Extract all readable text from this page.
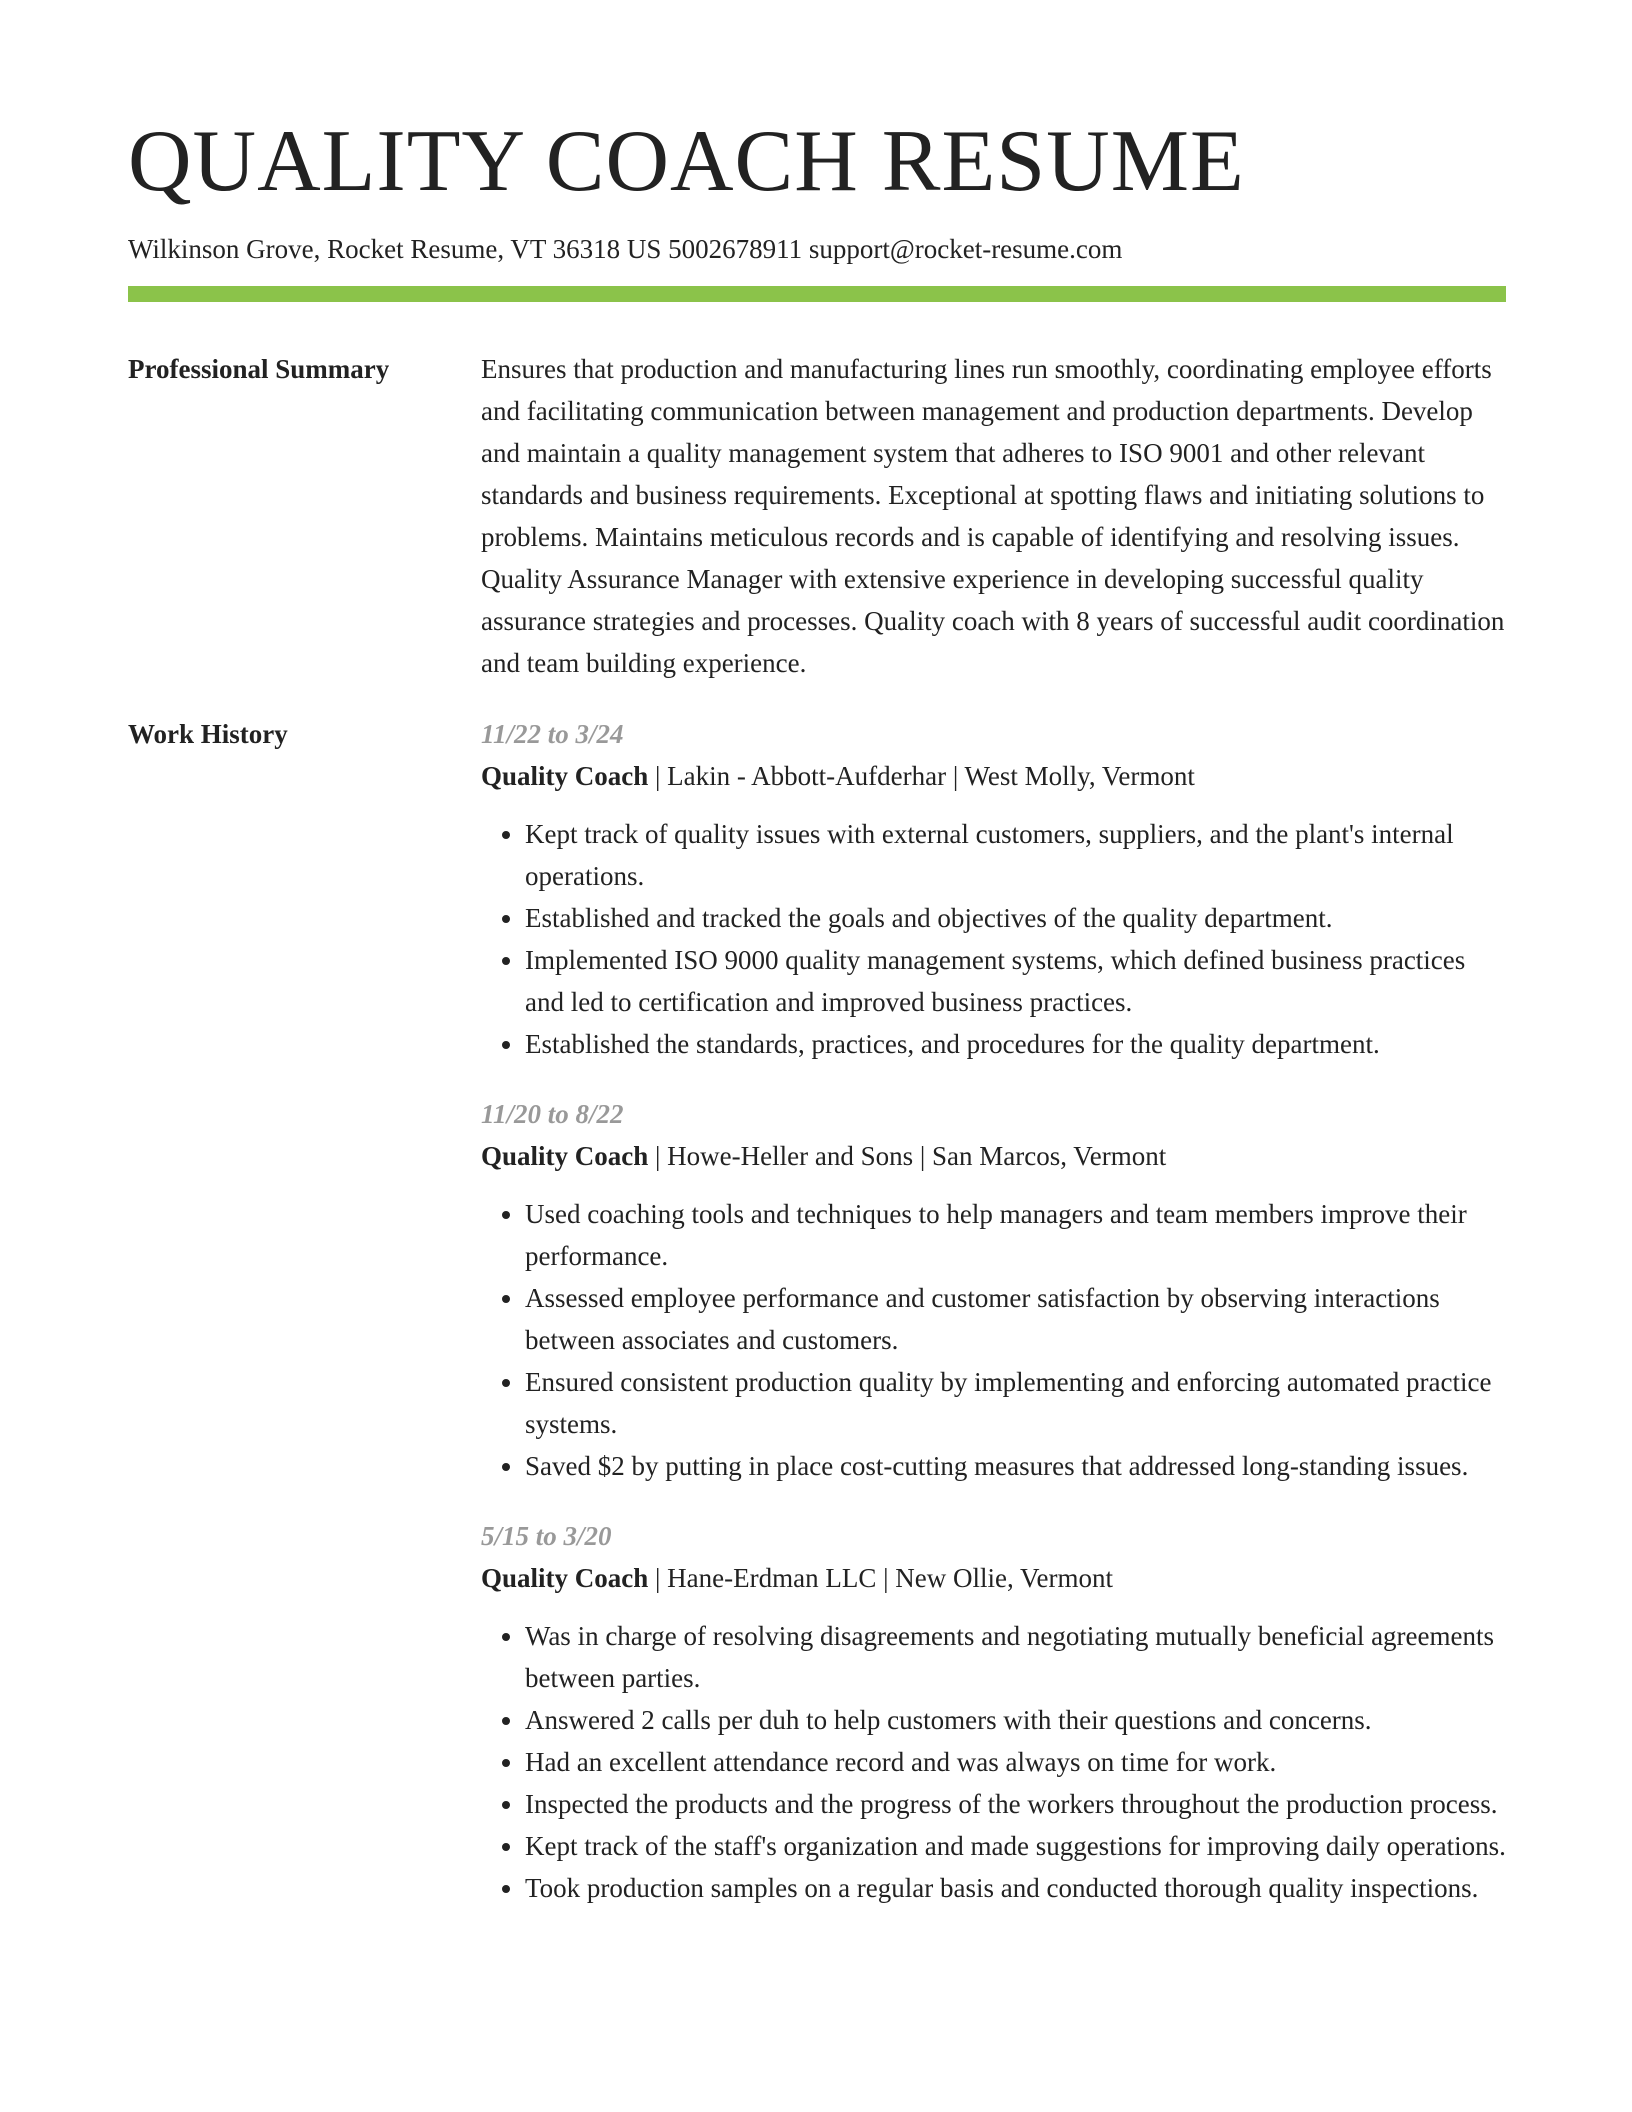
QUALITY COACH RESUME
Wilkinson Grove, Rocket Resume, VT 36318 US 5002678911 support@rocket-resume.com
Professional Summary	Ensures that production and manufacturing lines run smoothly, coordinating employee efforts and facilitating communication between management and production departments. Develop and maintain a quality management system that adheres to ISO 9001 and other relevant standards and business requirements. Exceptional at spotting flaws and initiating solutions to problems. Maintains meticulous records and is capable of identifying and resolving issues. Quality Assurance Manager with extensive experience in developing successful quality assurance strategies and processes. Quality coach with 8 years of successful audit coordination and team building experience.

Work History	11/22 to 3/24
Quality Coach | Lakin - Abbott-Aufderhar | West Molly, Vermont
• Kept track of quality issues with external customers, suppliers, and the plant's internal operations.
• Established and tracked the goals and objectives of the quality department.
• Implemented ISO 9000 quality management systems, which defined business practices and led to certification and improved business practices.
• Established the standards, practices, and procedures for the quality department.
11/20 to 8/22
Quality Coach | Howe-Heller and Sons | San Marcos, Vermont
• Used coaching tools and techniques to help managers and team members improve their performance.
• Assessed employee performance and customer satisfaction by observing interactions between associates and customers.
• Ensured consistent production quality by implementing and enforcing automated practice systems.
• Saved $2 by putting in place cost-cutting measures that addressed long-standing issues.
5/15 to 3/20
Quality Coach | Hane-Erdman LLC | New Ollie, Vermont
• Was in charge of resolving disagreements and negotiating mutually beneficial agreements between parties.
• Answered 2 calls per duh to help customers with their questions and concerns.
• Had an excellent attendance record and was always on time for work.
• Inspected the products and the progress of the workers throughout the production process.
• Kept track of the staff's organization and made suggestions for improving daily operations.
• Took production samples on a regular basis and conducted thorough quality inspections.
